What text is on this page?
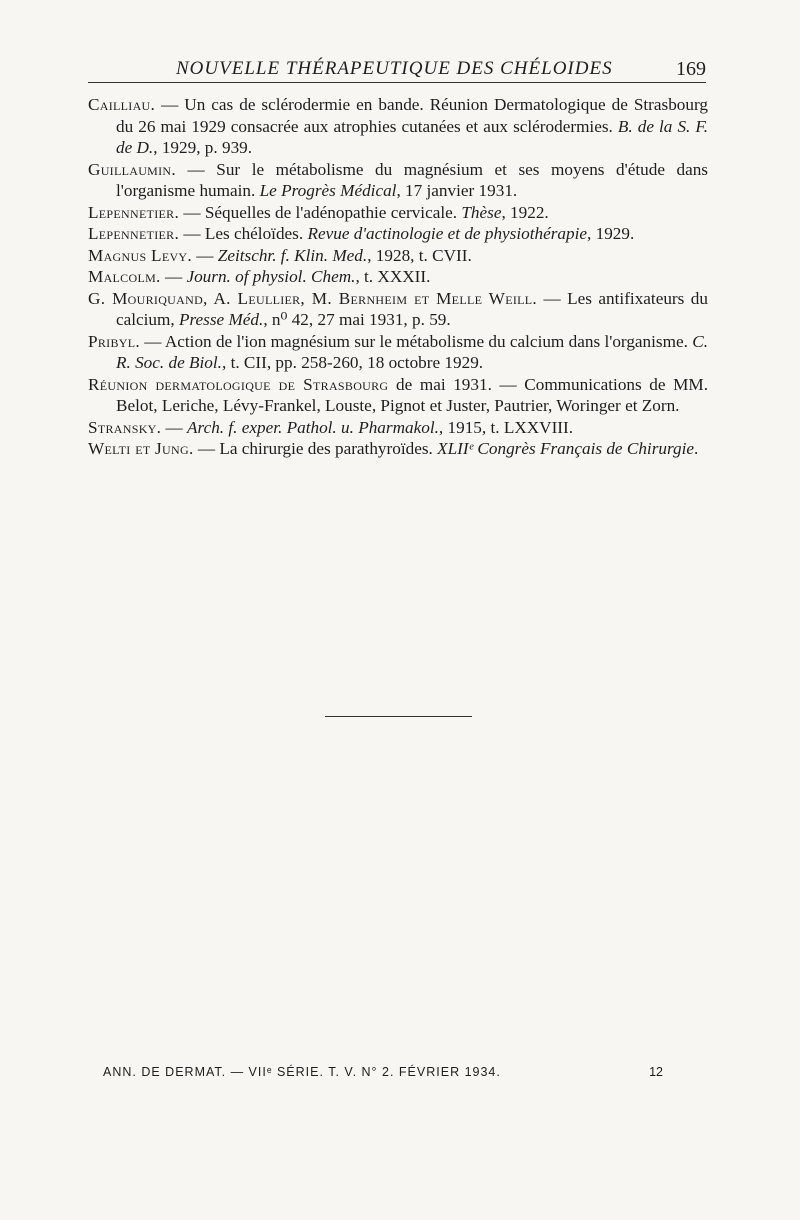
NOUVELLE THÉRAPEUTIQUE DES CHÉLOIDES	169

Cailliau. — Un cas de sclérodermie en bande. Réunion Dermatologique de Strasbourg du 26 mai 1929 consacrée aux atrophies cutanées et aux sclérodermies. B. de la S. F. de D., 1929, p. 939.

Guillaumin. — Sur le métabolisme du magnésium et ses moyens d'étude dans l'organisme humain. Le Progrès Médical, 17 janvier 1931.

Lepennetier. — Séquelles de l'adénopathie cervicale. Thèse, 1922.

Lepennetier. — Les chéloïdes. Revue d'actinologie et de physiothérapie, 1929.

Magnus Levy. — Zeitschr. f. Klin. Med., 1928, t. CVII.

Malcolm. — Journ. of physiol. Chem., t. XXXII.

G. Mouriquand, A. Leullier, M. Bernheim et Melle Weill. — Les antifixateurs du calcium, Presse Méd., n⁰ 42, 27 mai 1931, p. 59.

Pribyl. — Action de l'ion magnésium sur le métabolisme du calcium dans l'organisme. C. R. Soc. de Biol., t. CII, pp. 258-260, 18 octobre 1929.

Réunion dermatologique de Strasbourg de mai 1931. — Communications de MM. Belot, Leriche, Lévy-Frankel, Louste, Pignot et Juster, Pautrier, Woringer et Zorn.

Stransky. — Arch. f. exper. Pathol. u. Pharmakol., 1915, t. LXXVIII.

Welti et Jung. — La chirurgie des parathyroïdes. XLIIᵉ Congrès Français de Chirurgie.

ANN. DE DERMAT. — VIIᵉ SÉRIE. T. V. N° 2. FÉVRIER 1934.	12
